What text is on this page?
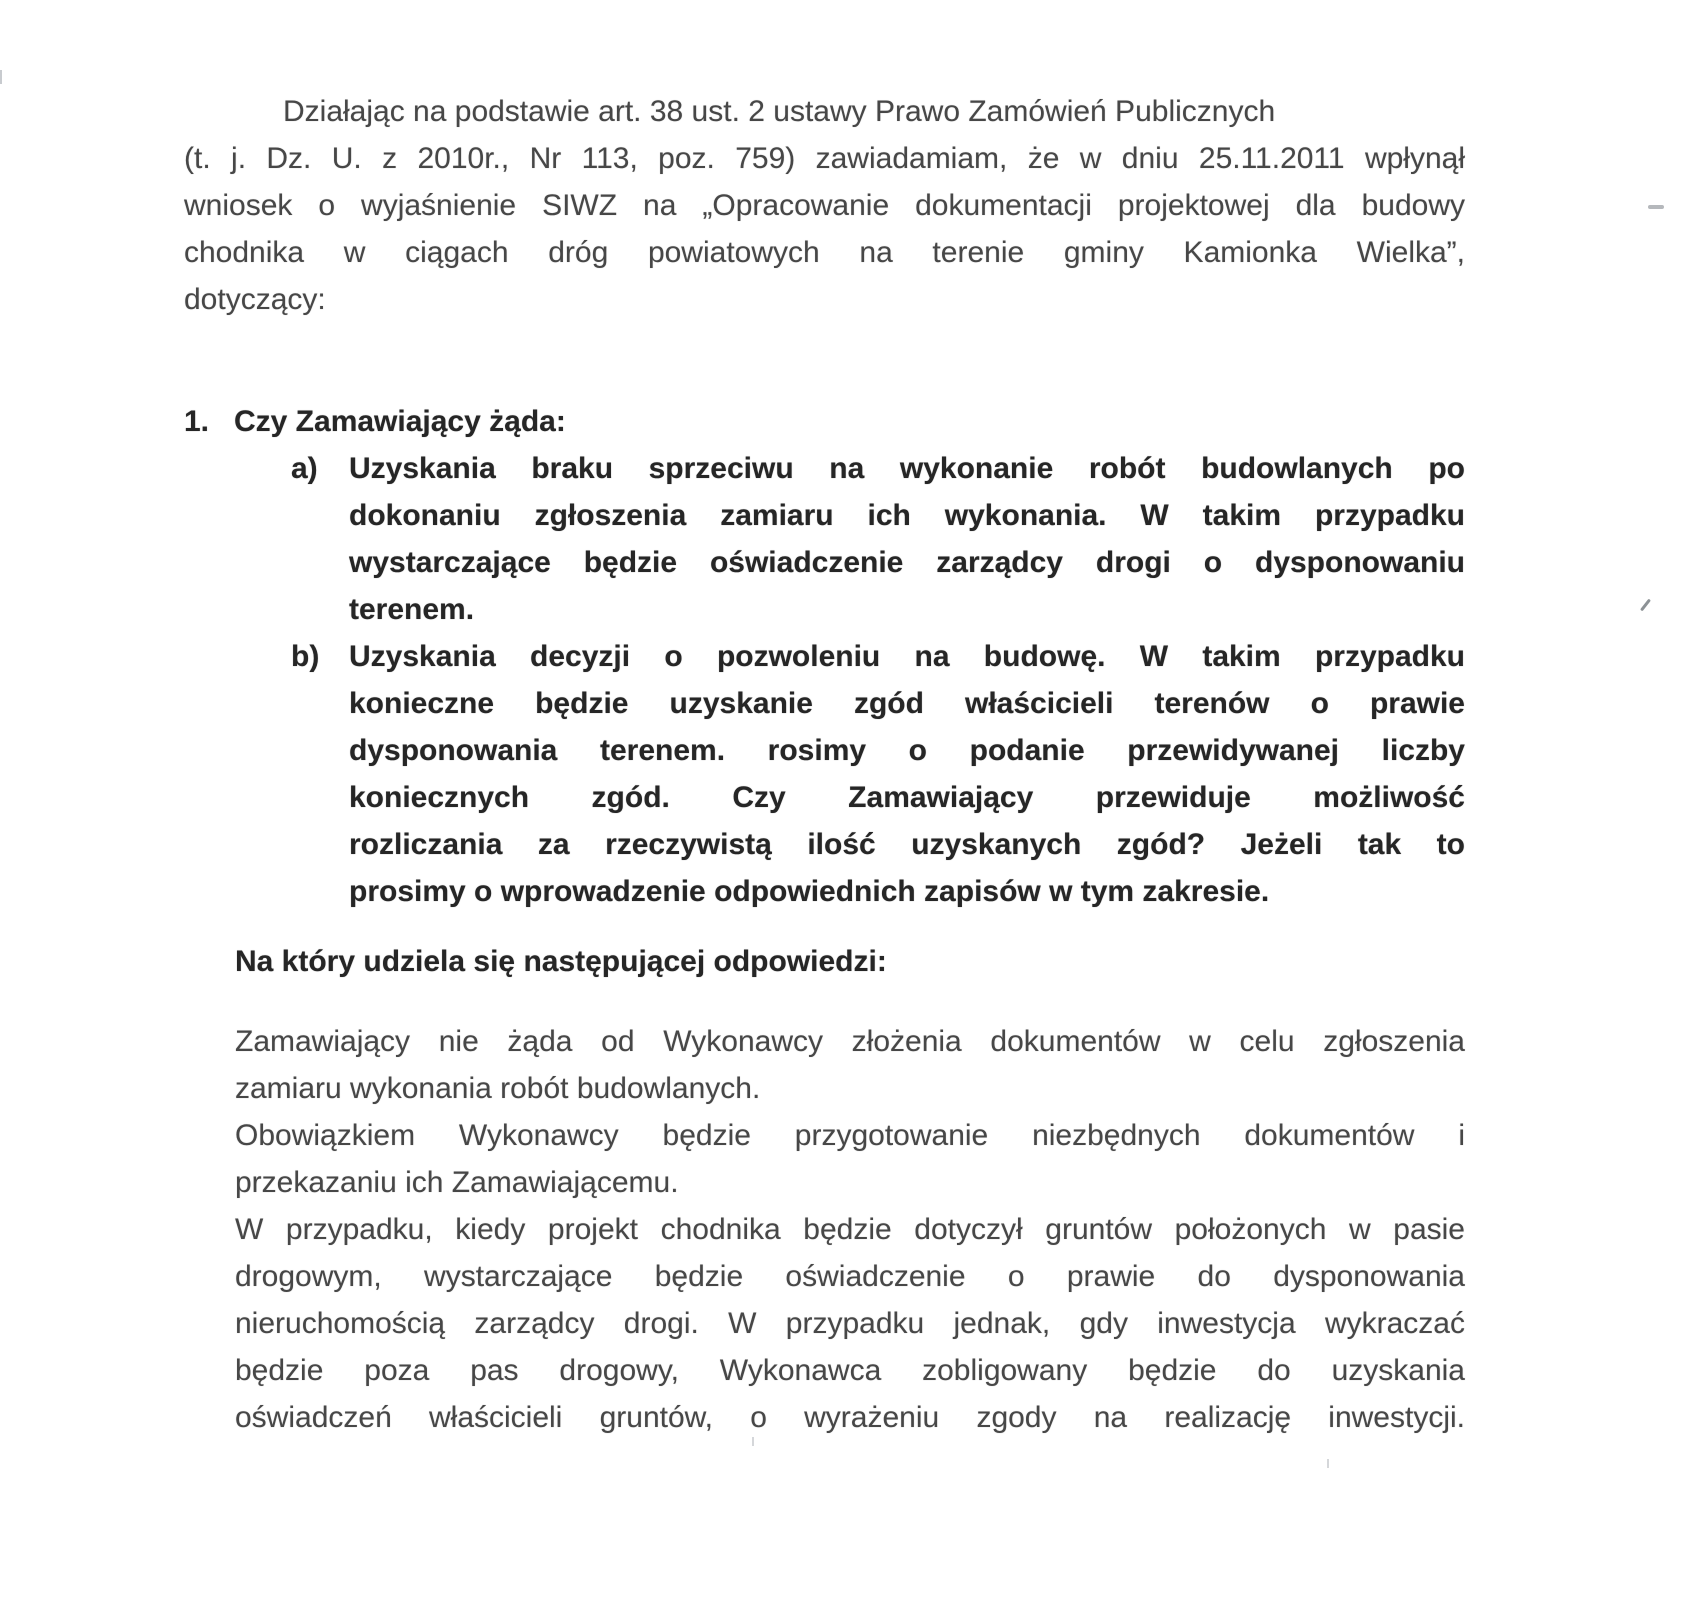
Działając na podstawie art. 38 ust. 2 ustawy Prawo Zamówień Publicznych
(t. j. Dz. U. z 2010r., Nr 113, poz. 759) zawiadamiam, że w dniu 25.11.2011 wpłynął
wniosek o wyjaśnienie SIWZ na „Opracowanie dokumentacji projektowej dla budowy
chodnika w ciągach dróg powiatowych na terenie gminy Kamionka Wielka”,
dotyczący:

1. Czy Zamawiający żąda:
a)	Uzyskania braku sprzeciwu na wykonanie robót budowlanych po
dokonaniu zgłoszenia zamiaru ich wykonania. W takim przypadku
wystarczające będzie oświadczenie zarządcy drogi o dysponowaniu
terenem.
b) Uzyskania decyzji o pozwoleniu na budowę. W takim przypadku
konieczne będzie uzyskanie zgód właścicieli terenów o prawie
dysponowania terenem. rosimy o podanie przewidywanej liczby
koniecznych zgód. Czy Zamawiający przewiduje możliwość
rozliczania za rzeczywistą ilość uzyskanych zgód? Jeżeli tak to
prosimy o wprowadzenie odpowiednich zapisów w tym zakresie.
Na który udziela się następującej odpowiedzi:
Zamawiający nie żąda od Wykonawcy złożenia dokumentów w celu zgłoszenia
zamiaru wykonania robót budowlanych.
Obowiązkiem Wykonawcy będzie przygotowanie niezbędnych dokumentów i
przekazaniu ich Zamawiającemu.
W przypadku, kiedy projekt chodnika będzie dotyczył gruntów położonych w pasie
drogowym, wystarczające będzie oświadczenie o prawie do dysponowania
nieruchomością zarządcy drogi. W przypadku jednak, gdy inwestycja wykraczać
będzie poza pas drogowy, Wykonawca zobligowany będzie do uzyskania
oświadczeń właścicieli gruntów, o wyrażeniu zgody na realizację inwestycji.
